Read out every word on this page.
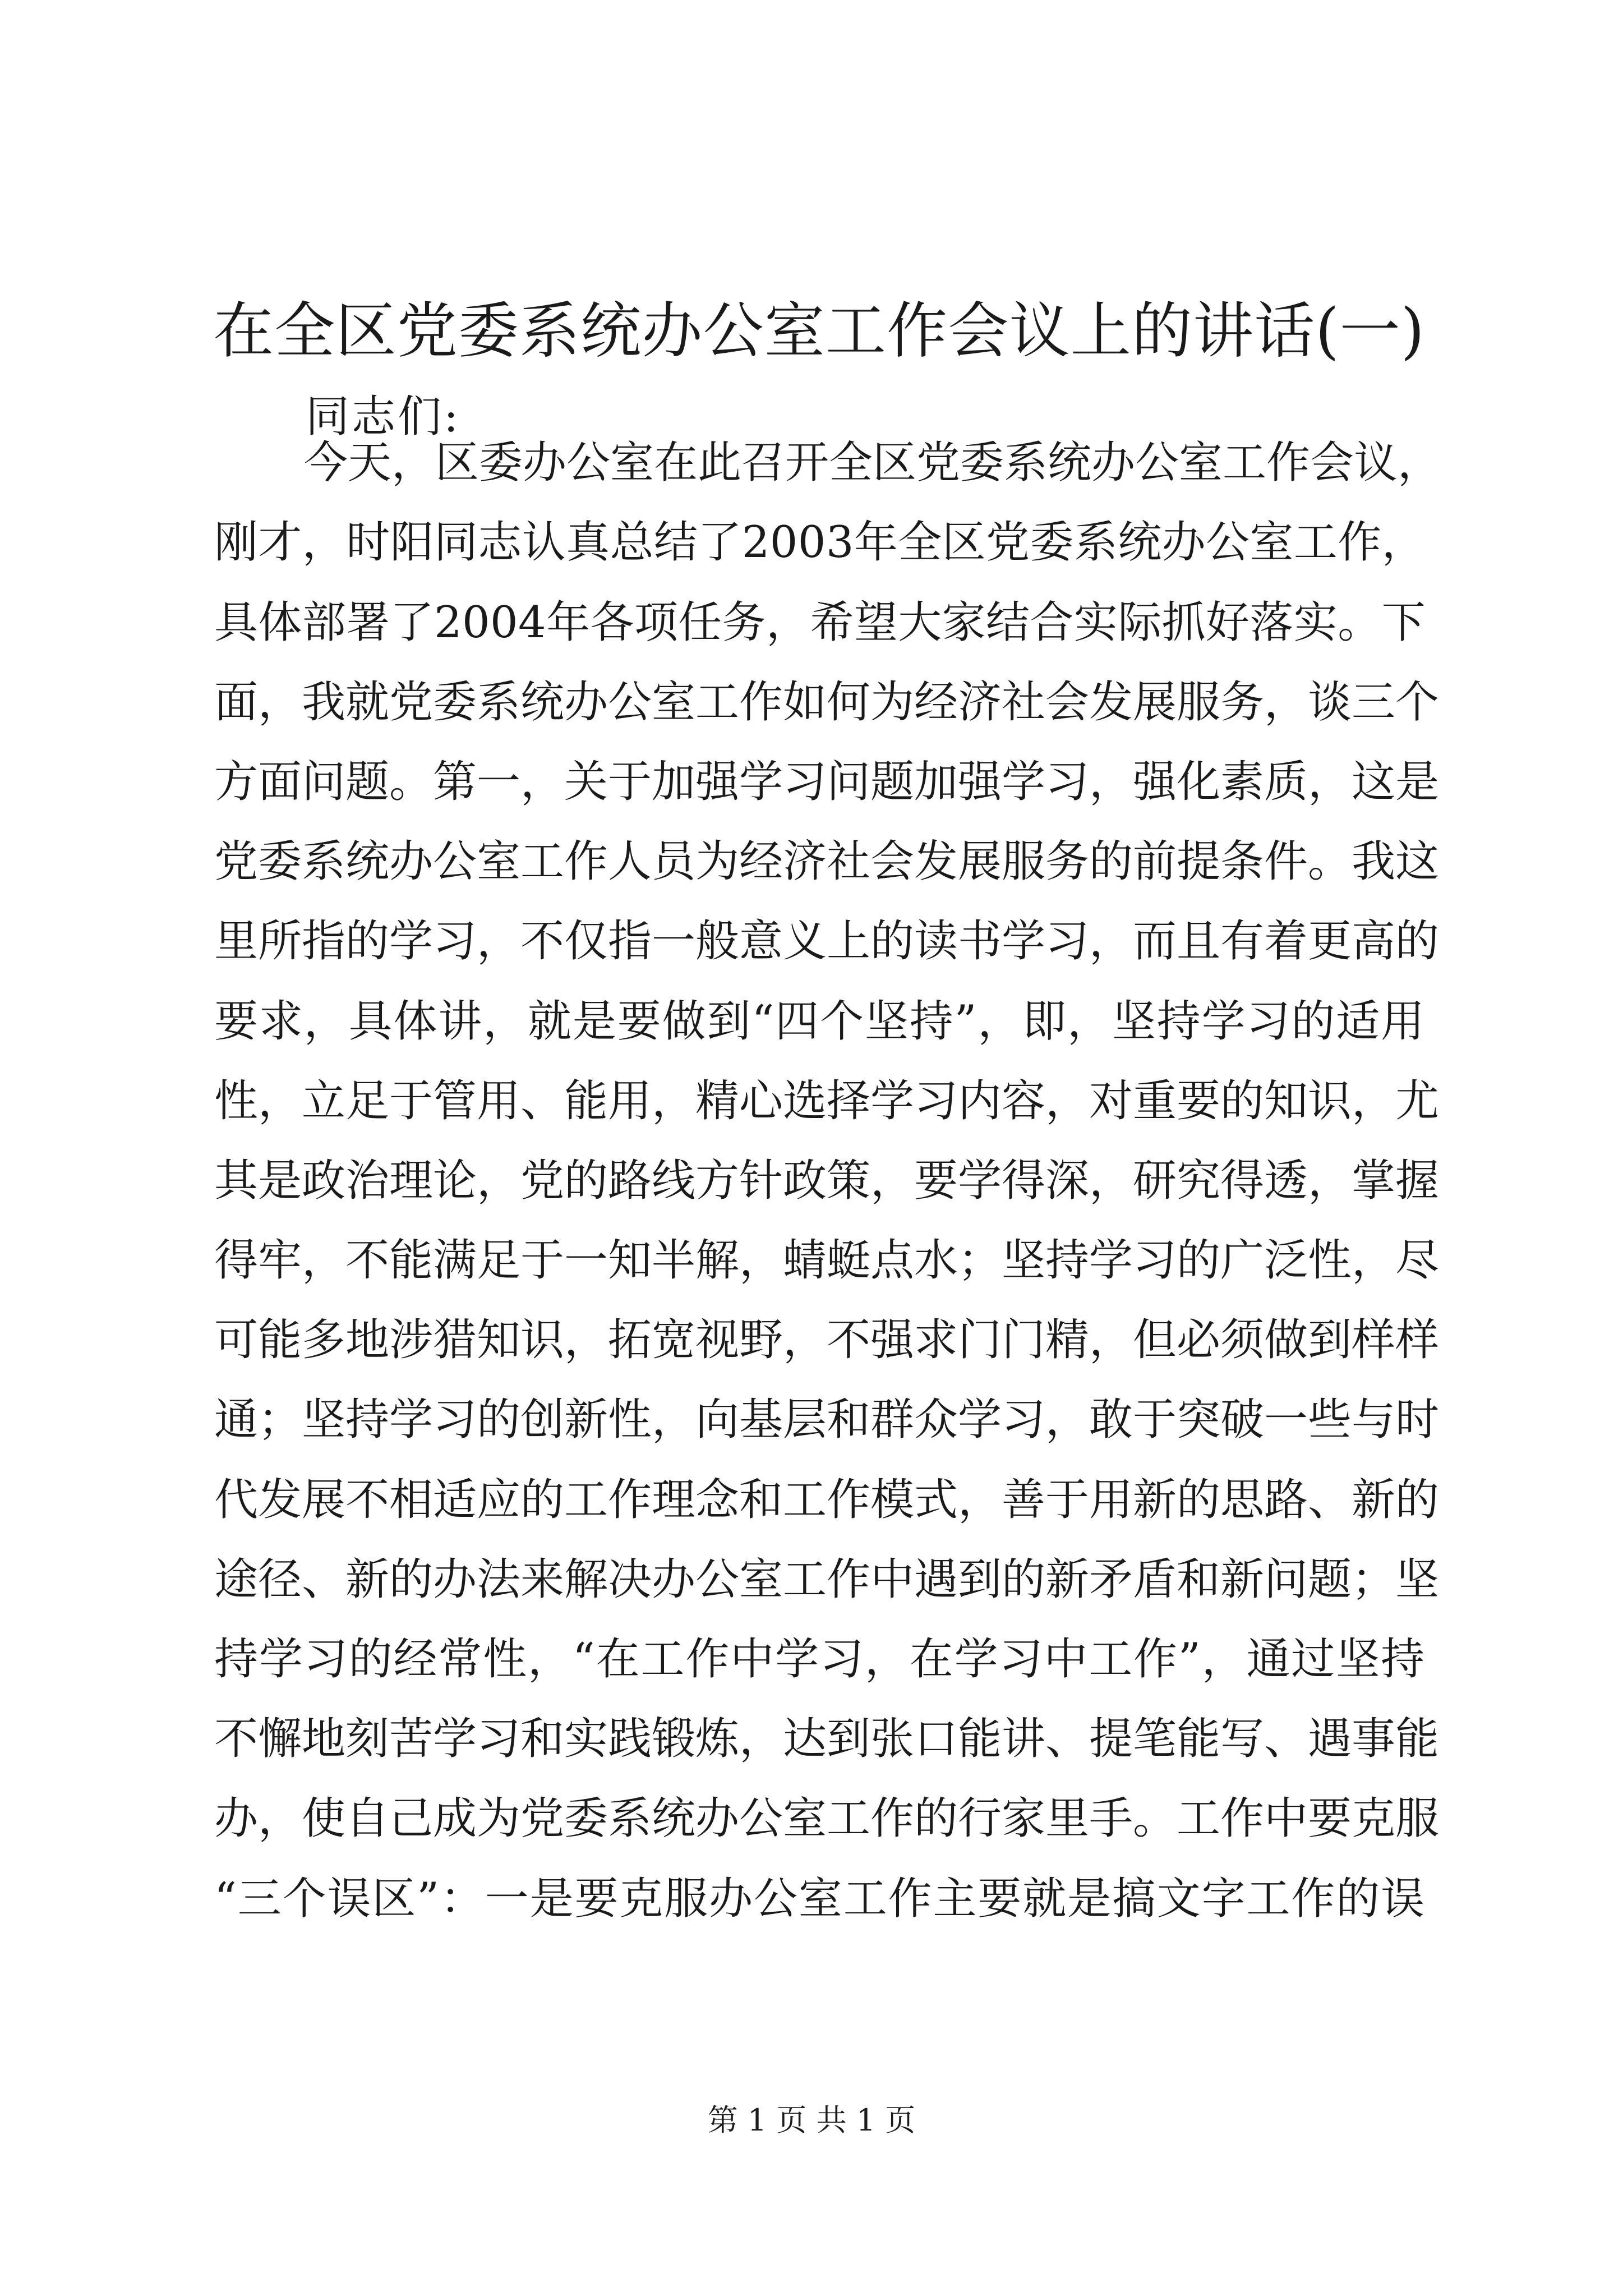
在全区党委系统办公室工作会议上的讲话(一)

同志们:

今天，区委办公室在此召开全区党委系统办公室工作会议，
刚才，时阳同志认真总结了2003年全区党委系统办公室工作，
具体部署了2004年各项任务，希望大家结合实际抓好落实。下
面，我就党委系统办公室工作如何为经济社会发展服务，谈三个
方面问题。第一，关于加强学习问题加强学习，强化素质，这是
党委系统办公室工作人员为经济社会发展服务的前提条件。我这
里所指的学习，不仅指一般意义上的读书学习，而且有着更高的
要求，具体讲，就是要做到“四个坚持”，即，坚持学习的适用
性，立足于管用、能用，精心选择学习内容，对重要的知识，尤
其是政治理论，党的路线方针政策，要学得深，研究得透，掌握
得牢，不能满足于一知半解，蜻蜓点水；坚持学习的广泛性，尽
可能多地涉猎知识，拓宽视野，不强求门门精，但必须做到样样
通；坚持学习的创新性，向基层和群众学习，敢于突破一些与时
代发展不相适应的工作理念和工作模式，善于用新的思路、新的
途径、新的办法来解决办公室工作中遇到的新矛盾和新问题；坚
持学习的经常性，“在工作中学习，在学习中工作”，通过坚持
不懈地刻苦学习和实践锻炼，达到张口能讲、提笔能写、遇事能
办，使自己成为党委系统办公室工作的行家里手。工作中要克服
“三个误区”：一是要克服办公室工作主要就是搞文字工作的误
第 1 页 共 1 页
